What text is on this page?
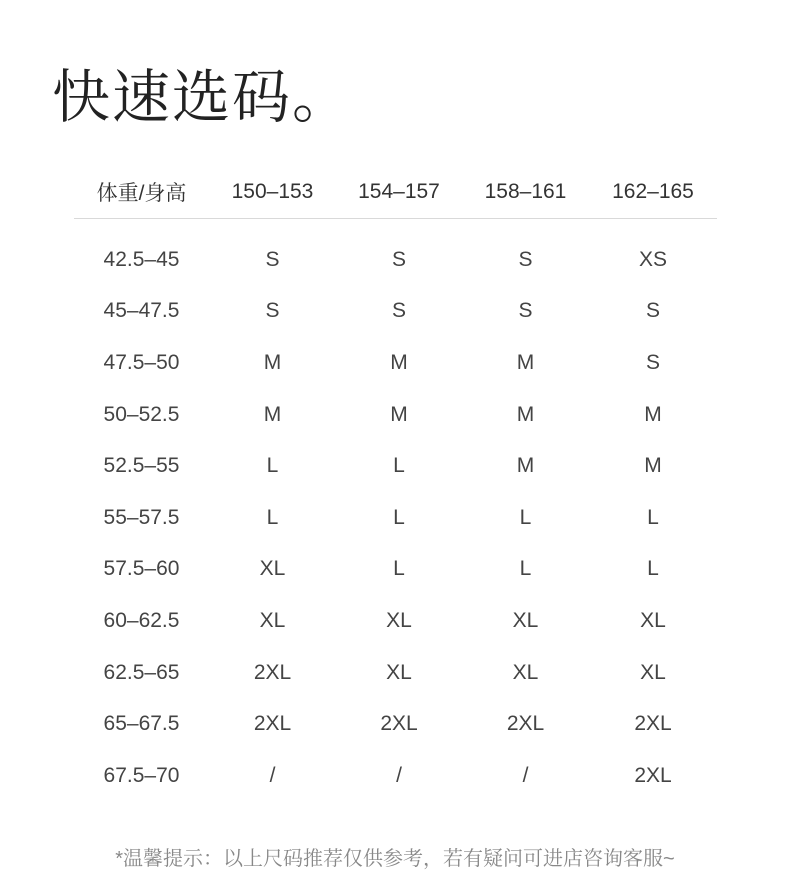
快速选码。
体重/身高	150–153	154–157	158–161	162–165
42.5–45	S	S	S	XS
45–47.5	S	S	S	S
47.5–50	M	M	M	S
50–52.5	M	M	M	M
52.5–55	L	L	M	M
55–57.5	L	L	L	L
57.5–60	XL	L	L	L
60–62.5	XL	XL	XL	XL
62.5–65	2XL	XL	XL	XL
65–67.5	2XL	2XL	2XL	2XL
67.5–70	/	/	/	2XL
*温馨提示：以上尺码推荐仅供参考，若有疑问可进店咨询客服~
